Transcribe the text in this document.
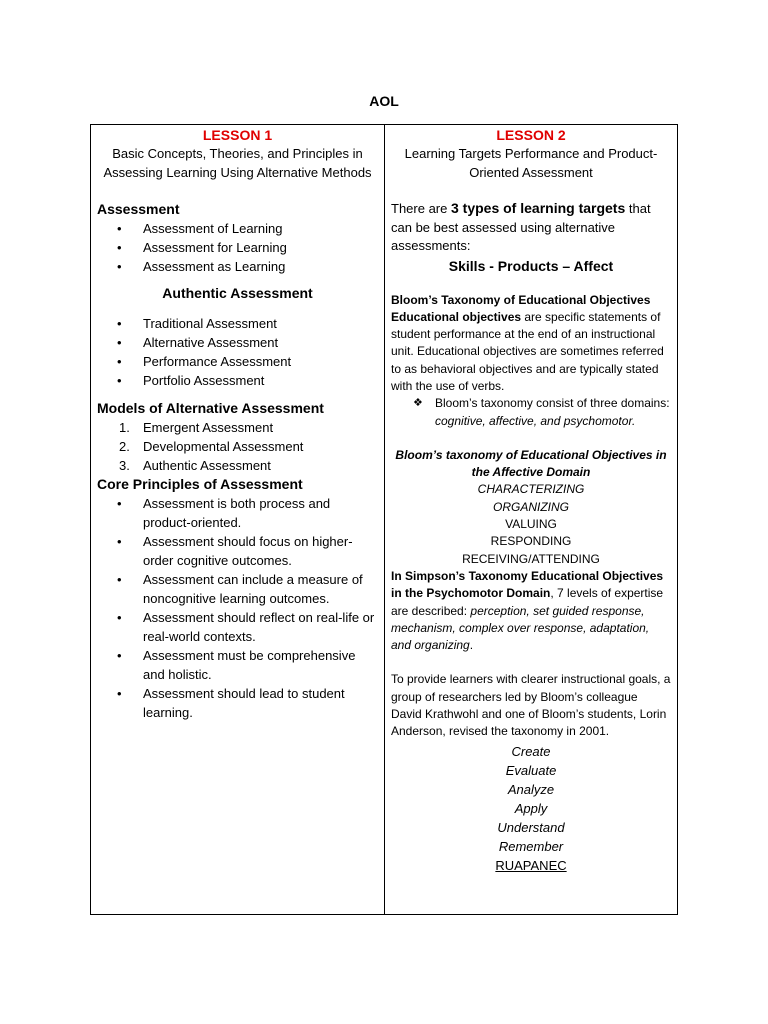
AOL
LESSON 1
Basic Concepts, Theories, and Principles in Assessing Learning Using Alternative Methods
Assessment
•	Assessment of Learning
•	Assessment for Learning
•	Assessment as Learning
Authentic Assessment
•	Traditional Assessment
•	Alternative Assessment
•	Performance Assessment
•	Portfolio Assessment
Models of Alternative Assessment
1.	Emergent Assessment
2.	Developmental Assessment
3.	Authentic Assessment
Core Principles of Assessment
•	Assessment is both process and product-oriented.
•	Assessment should focus on higher-order cognitive outcomes.
•	Assessment can include a measure of noncognitive learning outcomes.
•	Assessment should reflect on real-life or real-world contexts.
•	Assessment must be comprehensive and holistic.
•	Assessment should lead to student learning.
LESSON 2
Learning Targets Performance and Product-Oriented Assessment
There are 3 types of learning targets that can be best assessed using alternative assessments:
Skills - Products – Affect
Bloom’s Taxonomy of Educational Objectives
Educational objectives are specific statements of student performance at the end of an instructional unit. Educational objectives are sometimes referred to as behavioral objectives and are typically stated with the use of verbs.
❖ Bloom’s taxonomy consist of three domains: cognitive, affective, and psychomotor.
Bloom’s taxonomy of Educational Objectives in the Affective Domain
CHARACTERIZING
ORGANIZING
VALUING
RESPONDING
RECEIVING/ATTENDING
In Simpson’s Taxonomy Educational Objectives in the Psychomotor Domain, 7 levels of expertise are described: perception, set guided response, mechanism, complex over response, adaptation, and organizing.
To provide learners with clearer instructional goals, a group of researchers led by Bloom’s colleague David Krathwohl and one of Bloom’s students, Lorin Anderson, revised the taxonomy in 2001.
Create
Evaluate
Analyze
Apply
Understand
Remember
RUAPANEC
